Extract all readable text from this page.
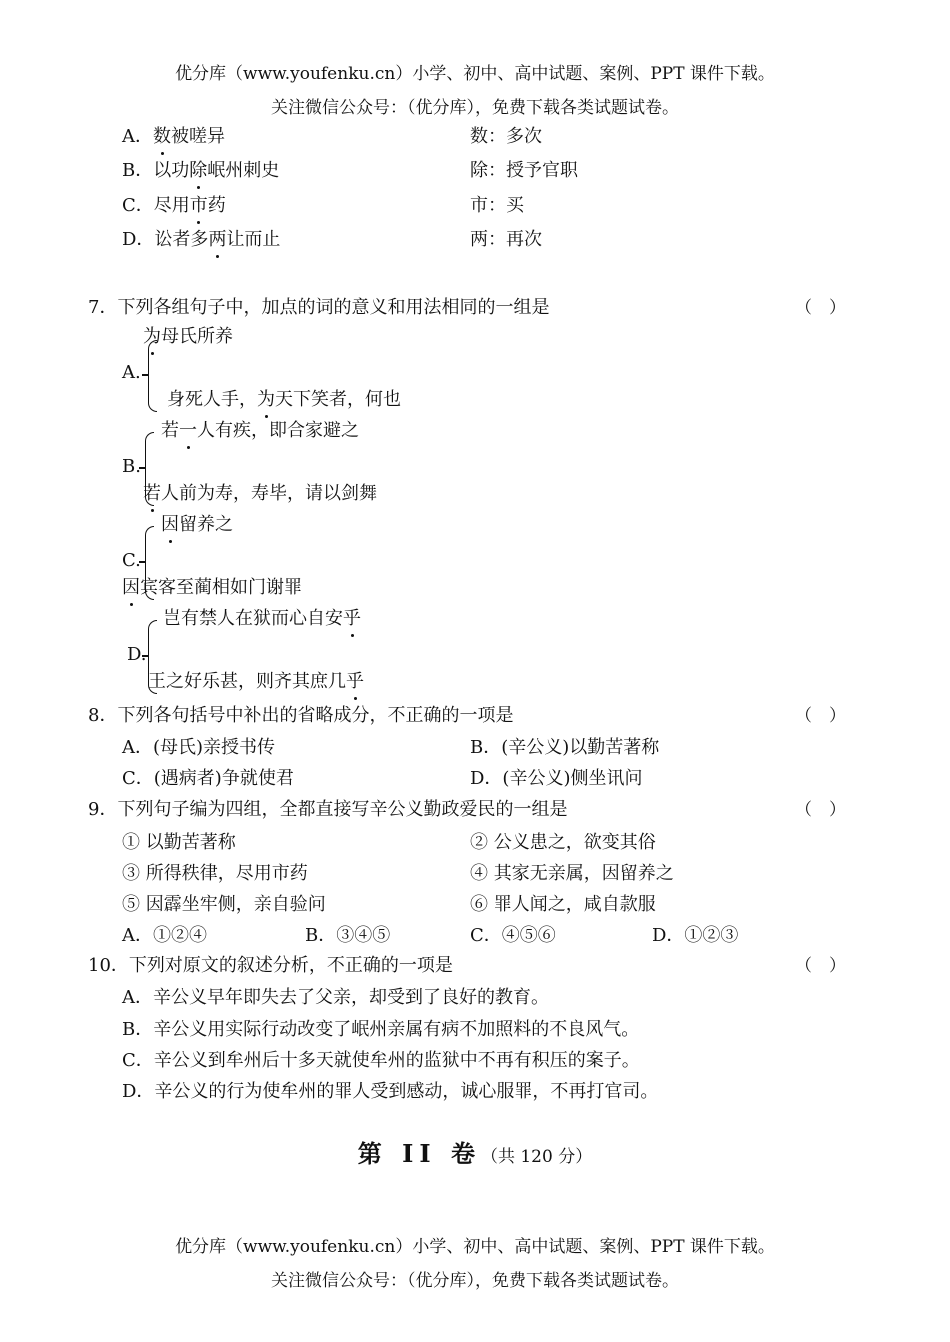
优分库（www.youfenku.cn）小学、初中、高中试题、案例、PPT 课件下载。
关注微信公众号：（优分库），免费下载各类试题试卷。
A．数被嗟异	数：多次
B．以功除岷州刺史	除：授予官职
C．尽用市药	市：买
D．讼者多两让而止	两：再次
7．下列各组句子中，加点的词的意义和用法相同的一组是	（　）
A.
为母氏所养
身死人手，为天下笑者，何也
B.
若一人有疾，即合家避之
若人前为寿，寿毕，请以剑舞
C.
因留养之
因宾客至蔺相如门谢罪
D.
岂有禁人在狱而心自安乎
王之好乐甚，则齐其庶几乎
8．下列各句括号中补出的省略成分，不正确的一项是	（　）
A．(母氏)亲授书传	B．(辛公义)以勤苦著称
C．(遇病者)争就使君	D．(辛公义)侧坐讯问
9．下列句子编为四组，全都直接写辛公义勤政爱民的一组是	（　）
① 以勤苦著称	② 公义患之，欲变其俗
③ 所得秩律，尽用市药	④ 其家无亲属，因留养之
⑤ 因霹坐牢侧，亲自验问	⑥ 罪人闻之，咸自款服
A．①②④	B．③④⑤	C．④⑤⑥	D．①②③
10．下列对原文的叙述分析，不正确的一项是	（　）
A．辛公义早年即失去了父亲，却受到了良好的教育。
B．辛公义用实际行动改变了岷州亲属有病不加照料的不良风气。
C．辛公义到牟州后十多天就使牟州的监狱中不再有积压的案子。
D．辛公义的行为使牟州的罪人受到感动，诚心服罪，不再打官司。
第 II 卷（共 120 分）
优分库（www.youfenku.cn）小学、初中、高中试题、案例、PPT 课件下载。
关注微信公众号：（优分库），免费下载各类试题试卷。
